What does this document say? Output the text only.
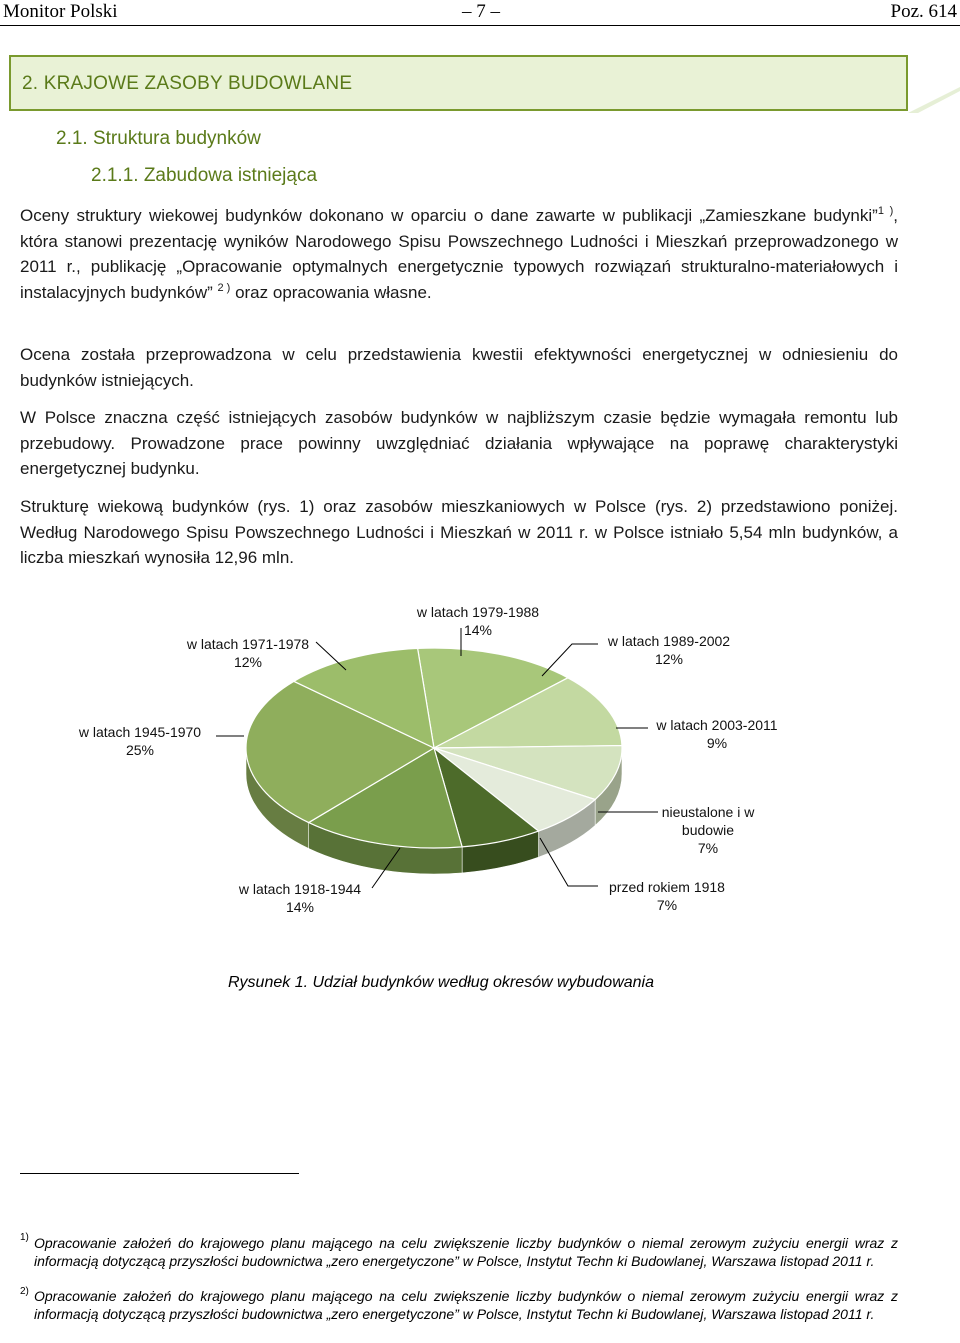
Monitor Polski	– 7 –	Poz. 614
2. KRAJOWE ZASOBY BUDOWLANE
2.1. Struktura budynków
2.1.1. Zabudowa istniejąca
Oceny struktury wiekowej budynków dokonano w oparciu o dane zawarte w publikacji „Zamieszkane budynki”$^{1 )}$, która stanowi prezentację wyników Narodowego Spisu Powszechnego Ludności i Mieszkań przeprowadzonego w 2011 r., publikację „Opracowanie optymalnych energetycznie typowych rozwiązań strukturalno-materiałowych i instalacyjnych budynków” $^{2 )}$ oraz opracowania własne.
Ocena została przeprowadzona w celu przedstawienia kwestii efektywności energetycznej w odniesieniu do budynków istniejących.
W Polsce znaczna część istniejących zasobów budynków w najbliższym czasie będzie wymagała remontu lub przebudowy. Prowadzone prace powinny uwzględniać działania wpływające na poprawę charakterystyki energetycznej budynku.
Strukturę wiekową budynków (rys. 1) oraz zasobów mieszkaniowych w Polsce (rys. 2) przedstawiono poniżej. Według Narodowego Spisu Powszechnego Ludności i Mieszkań w 2011 r. w Polsce istniało 5,54 mln budynków, a liczba mieszkań wynosiła 12,96 mln.
w latach 1979-1988
14%
w latach 1989-2002
12%
w latach 2003-2011
9%
nieustalone i w budowie
7%
przed rokiem 1918
7%
w latach 1918-1944
14%
w latach 1945-1970
25%
w latach 1971-1978
12%
Rysunek 1. Udział budynków według okresów wybudowania
1) Opracowanie założeń do krajowego planu mającego na celu zwiększenie liczby budynków o niemal zerowym zużyciu energii wraz z informacją dotyczącą przyszłości budownictwa „zero energetyczone” w Polsce, Instytut Techn ki Budowlanej, Warszawa listopad 2011 r.
2) Opracowanie założeń do krajowego planu mającego na celu zwiększenie liczby budynków o niemal zerowym zużyciu energii wraz z informacją dotyczącą przyszłości budownictwa „zero energetyczone” w Polsce, Instytut Techn ki Budowlanej, Warszawa listopad 2011 r.
